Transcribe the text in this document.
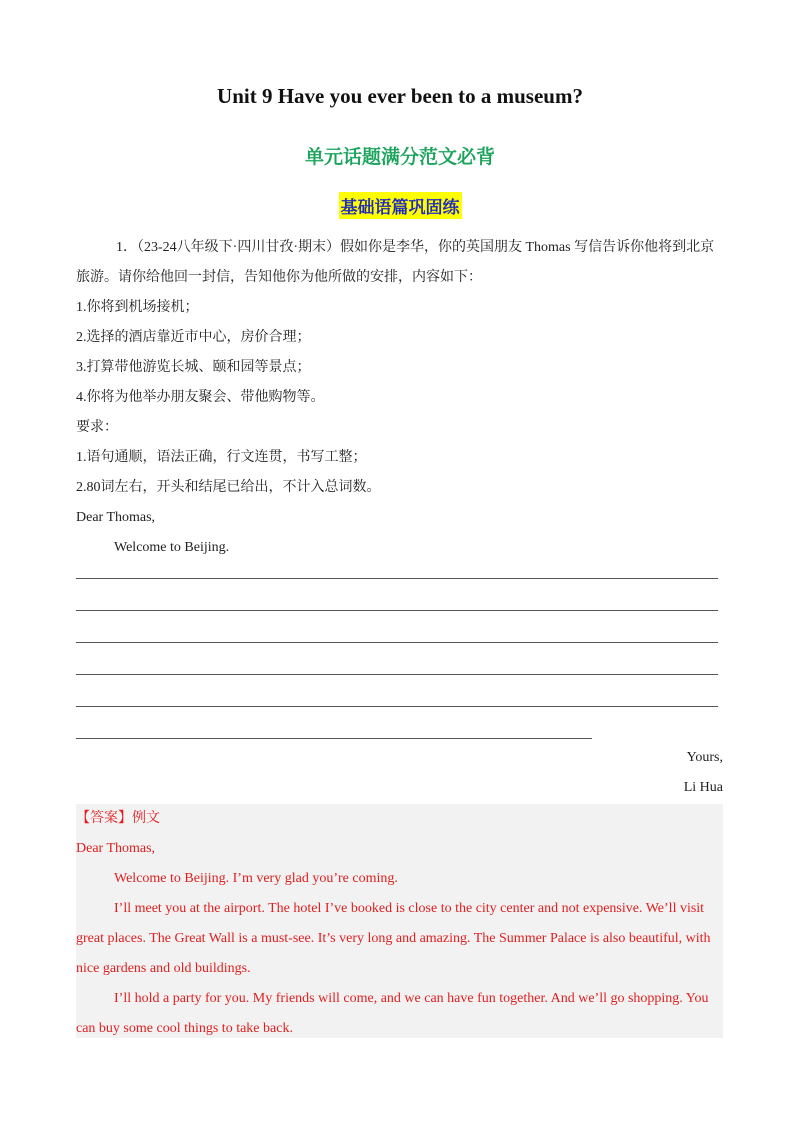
Unit 9 Have you ever been to a museum?
单元话题满分范文必背
基础语篇巩固练
1．（23-24八年级下·四川甘孜·期末）假如你是李华，你的英国朋友 Thomas 写信告诉你他将到北京旅游。请你给他回一封信，告知他你为他所做的安排，内容如下：

1.你将到机场接机；

2.选择的酒店靠近市中心，房价合理；

3.打算带他游览长城、颐和园等景点；

4.你将为他举办朋友聚会、带他购物等。

要求：

1.语句通顺，语法正确，行文连贯，书写工整；

2.80词左右，开头和结尾已给出，不计入总词数。

Dear Thomas,

Welcome to Beijing.

Yours,
Li Hua

【答案】例文

Dear Thomas,

Welcome to Beijing. I’m very glad you’re coming.

I’ll meet you at the airport. The hotel I’ve booked is close to the city center and not expensive. We’ll visit great places. The Great Wall is a must-see. It’s very long and amazing. The Summer Palace is also beautiful, with nice gardens and old buildings.

I’ll hold a party for you. My friends will come, and we can have fun together. And we’ll go shopping. You can buy some cool things to take back.
